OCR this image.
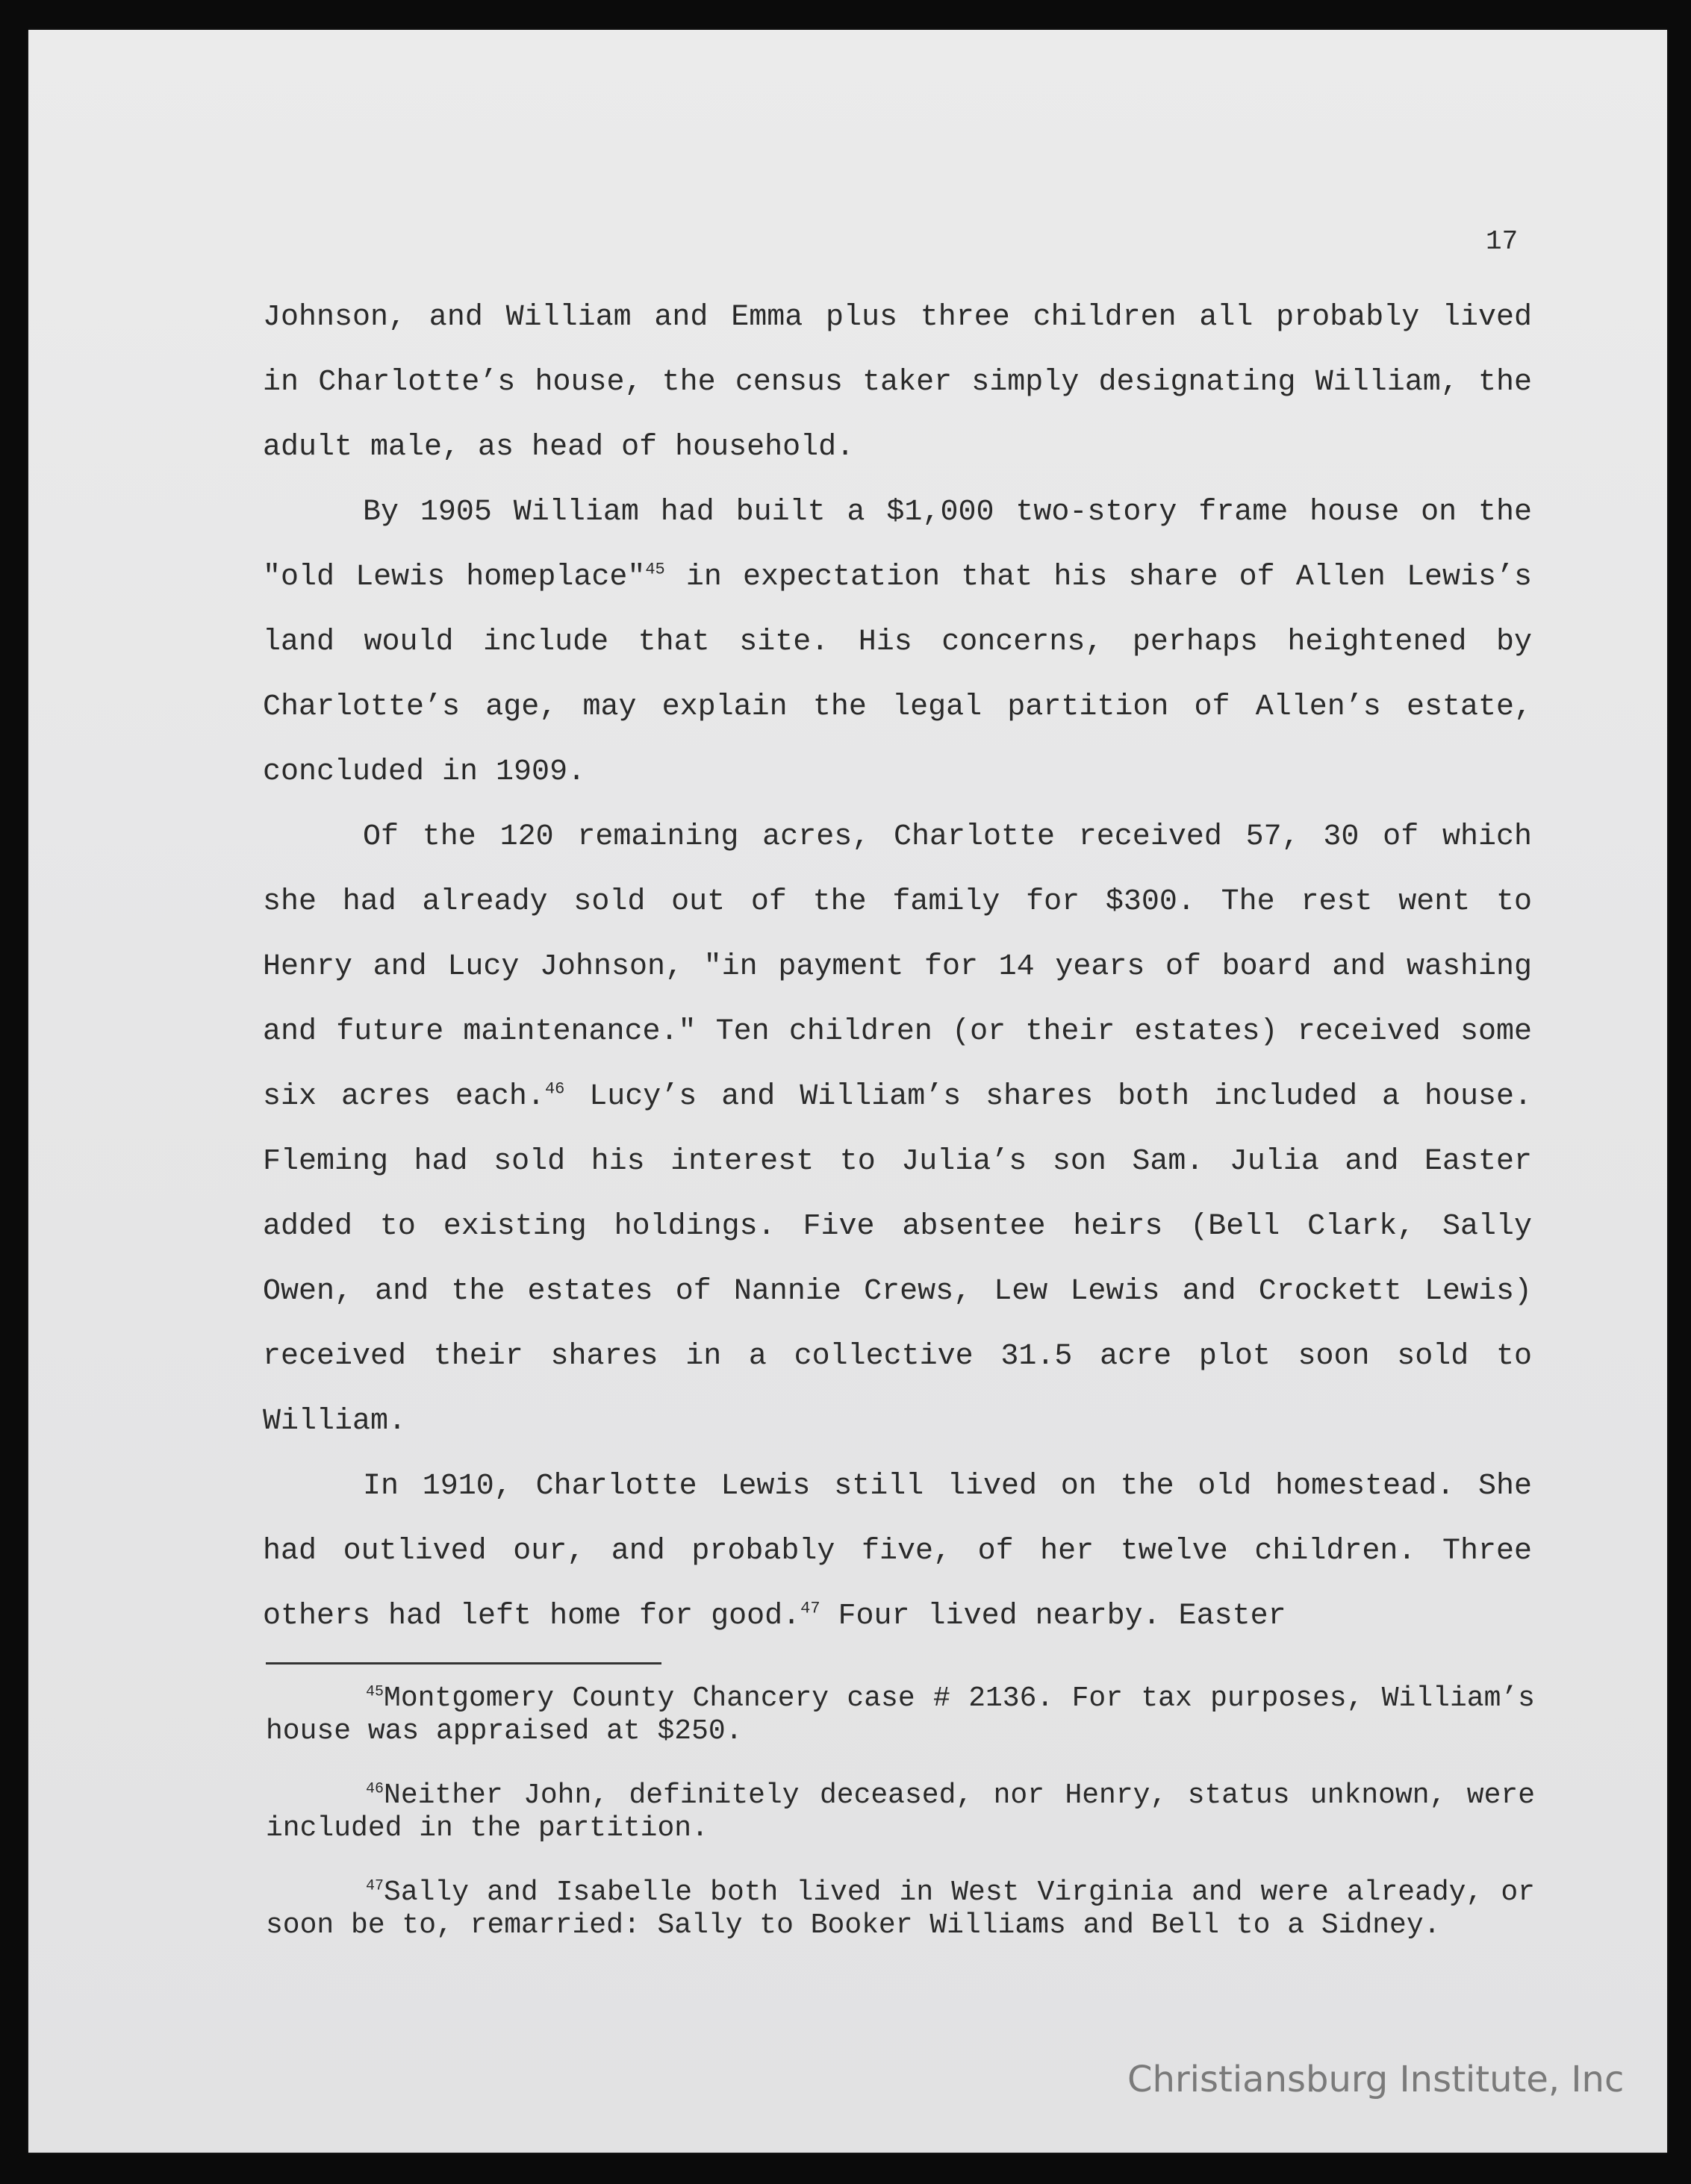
17

Johnson, and William and Emma plus three children all probably lived in Charlotte’s house, the census taker simply designating William, the adult male, as head of household.

By 1905 William had built a $1,000 two-story frame house on the "old Lewis homeplace"$^{45}$ in expectation that his share of Allen Lewis’s land would include that site. His concerns, perhaps heightened by Charlotte’s age, may explain the legal partition of Allen’s estate, concluded in 1909.

Of the 120 remaining acres, Charlotte received 57, 30 of which she had already sold out of the family for $300. The rest went to Henry and Lucy Johnson, "in payment for 14 years of board and washing and future maintenance." Ten children (or their estates) received some six acres each.$^{46}$ Lucy’s and William’s shares both included a house. Fleming had sold his interest to Julia’s son Sam. Julia and Easter added to existing holdings. Five absentee heirs (Bell Clark, Sally Owen, and the estates of Nannie Crews, Lew Lewis and Crockett Lewis) received their shares in a collective 31.5 acre plot soon sold to William.

In 1910, Charlotte Lewis still lived on the old homestead. She had outlived our, and probably five, of her twelve children. Three others had left home for good.$^{47}$ Four lived nearby. Easter

$^{45}$Montgomery County Chancery case # 2136. For tax purposes, William’s house was appraised at $250.

$^{46}$Neither John, definitely deceased, nor Henry, status unknown, were included in the partition.

$^{47}$Sally and Isabelle both lived in West Virginia and were already, or soon be to, remarried: Sally to Booker Williams and Bell to a Sidney.

Christiansburg Institute, Inc
